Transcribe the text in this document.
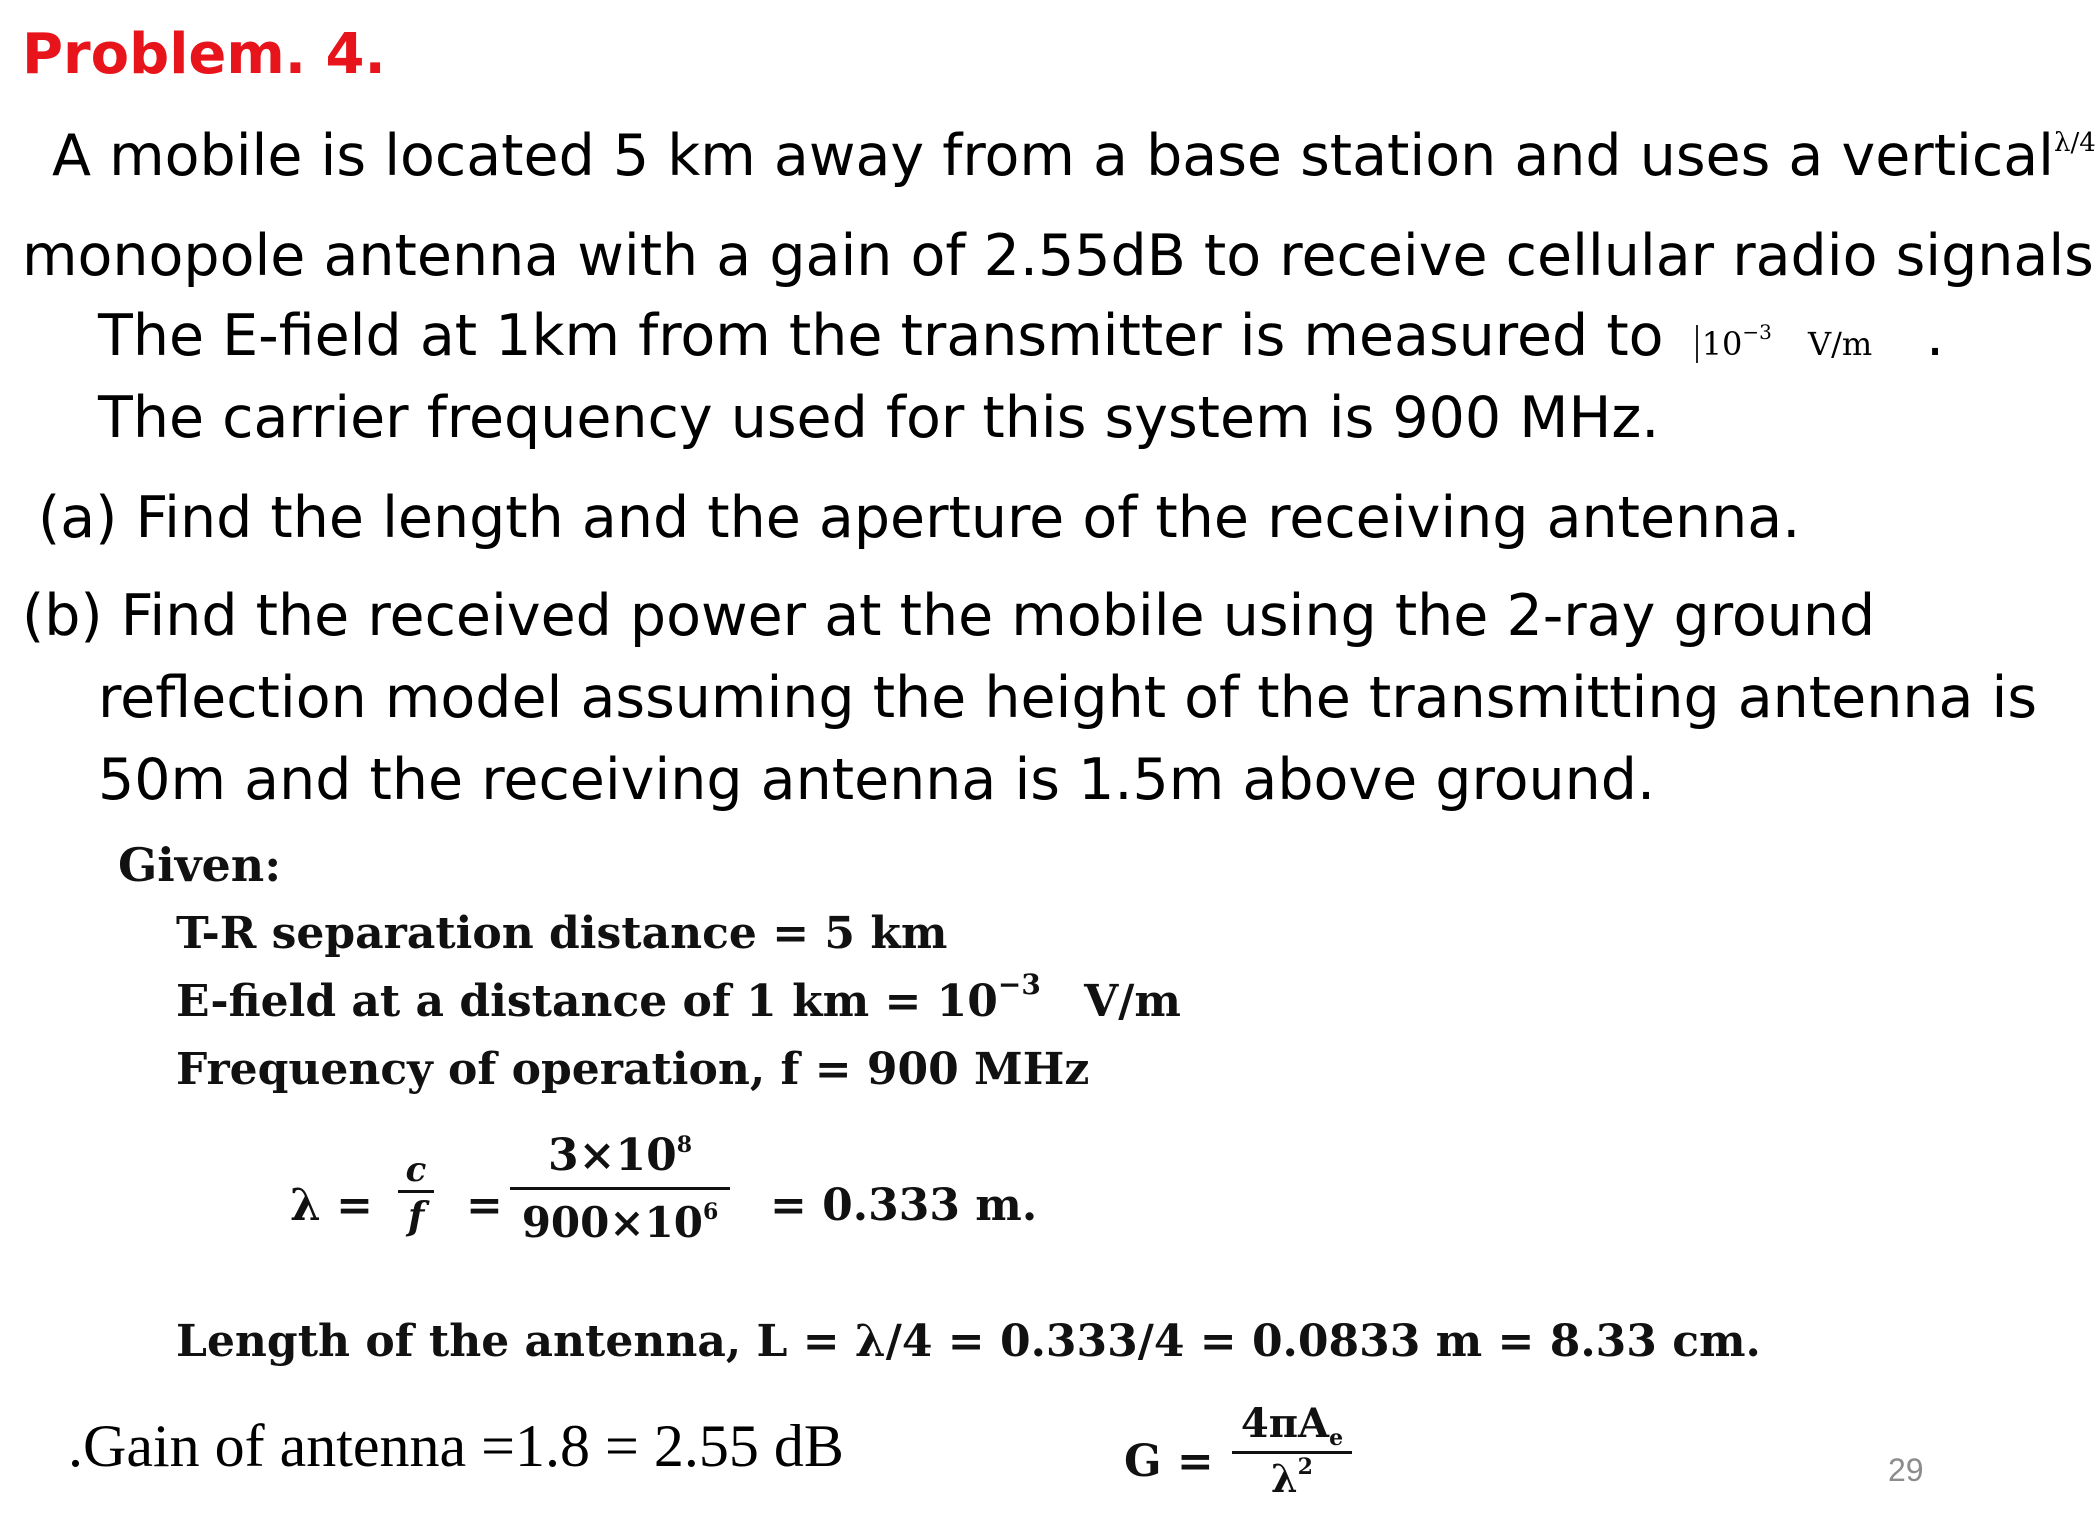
Problem. 4.
A mobile is located 5 km away from a base station and uses a vertical$^{\lambda/4}$
monopole antenna with a gain of 2.55dB to receive cellular radio signals
The E-field at 1km from the transmitter is measured to $10^{-3}$ V/m .
The carrier frequency used for this system is 900 MHz.
(a) Find the length and the aperture of the receiving antenna.
(b) Find the received power at the mobile using the 2-ray ground
reflection model assuming the height of the transmitting antenna is
50m and the receiving antenna is 1.5m above ground.
Given:
T-R separation distance = 5 km
E-field at a distance of 1 km = $10^{-3}$ V/m
Frequency of operation, f = 900 MHz
$\lambda = \frac{c}{f} = \frac{3\times 10^8}{900\times 10^6} = 0.333$ m.
Length of the antenna, L = λ/4 = 0.333/4 = 0.0833 m = 8.33 cm.
.Gain of antenna =1.8 = 2.55 dB	G =
$4\pi A_e$
$\lambda^2$	29
